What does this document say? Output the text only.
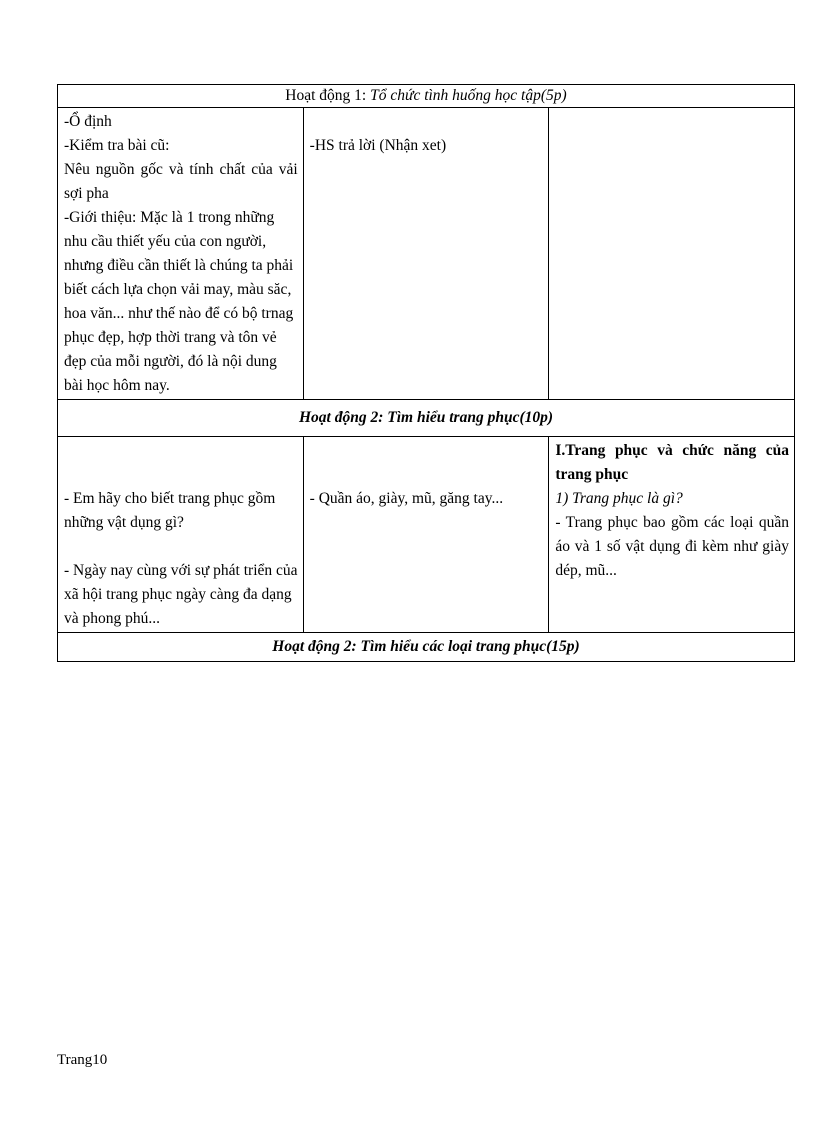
Hoạt động 1: Tổ chức tình huống học tập(5p)		

-Ổ định
-Kiểm tra bài cũ:
Nêu nguồn gốc và tính chất của vải sợi pha
-Giới thiệu: Mặc là 1 trong những nhu cầu thiết yếu của con người, nhưng điều cần thiết là chúng ta phải biết cách lựa chọn vải may, màu săc, hoa văn... như thế nào để có bộ trnag phục đẹp, hợp thời trang và tôn vẻ đẹp của mỗi người, đó là nội dung bài học hôm nay.	-HS trả lời (Nhận xet)	

Hoạt động 2: Tìm hiểu trang phục(10p)		

- Em hãy cho biết trang phục gồm những vật dụng gì?
- Ngày nay cùng với sự phát triển của xã hội trang phục ngày càng đa dạng và phong phú...	- Quần áo, giày, mũ, găng tay...	I.Trang phục và chức năng của trang phục
1) Trang phục là gì?
- Trang phục bao gồm các loại quần áo và 1 số vật dụng đi kèm như giày dép, mũ...

Hoạt động 2: Tìm hiểu các loại trang phục(15p)		
Trang10
